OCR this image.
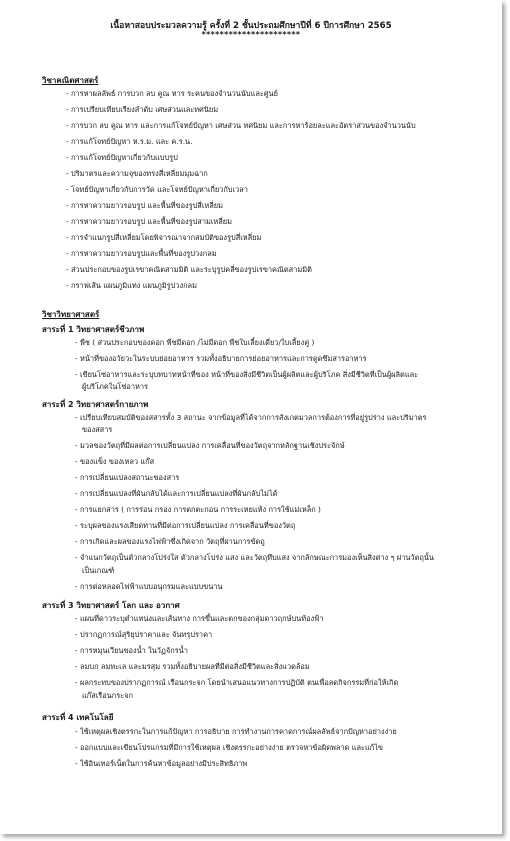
เนื้อหาสอบประมวลความรู้ ครั้งที่ 2 ชั้นประถมศึกษาปีที่ 6 ปีการศึกษา 2565
**********************
วิชาคณิตศาสตร์
- การหาผลลัพธ์ การบวก ลบ คูณ หาร ระคนของจำนวนนับและศูนย์
- การเปรียบเทียบเรียงลำดับ เศษส่วนและทศนิยม
- การบวก ลบ คูณ หาร และการแก้โจทย์ปัญหา เศษส่วน ทศนิยม และการหาร้อยละและอัตราส่วนของจำนวนนับ
- การแก้โจทย์ปัญหา ห.ร.ม. และ ค.ร.น.
- การแก้โจทย์ปัญหาเกี่ยวกับแบบรูป
- ปริมาตรและความจุของทรงสี่เหลี่ยมมุมฉาก
- โจทย์ปัญหาเกี่ยวกับการวัด และโจทย์ปัญหาเกี่ยวกับเวลา
- การหาความยาวรอบรูป และพื้นที่ของรูปสี่เหลี่ยม
- การหาความยาวรอบรูป และพื้นที่ของรูปสามเหลี่ยม
- การจำแนกรูปสี่เหลี่ยมโดยพิจารณาจากสมบัติของรูปสี่เหลี่ยม
- การหาความยาวรอบรูปและพื้นที่ของรูปวงกลม
- ส่วนประกอบของรูปเรขาคณิตสามมิติ และระบุรูปคลี่ของรูปเรขาคณิตสามมิติ
- กราฟเส้น แผนภูมิแท่ง แผนภูมิรูปวงกลม
วิชาวิทยาศาสตร์
สาระที่ 1 วิทยาศาสตร์ชีวภาพ
- พืช ( ส่วนประกอบของดอก พืชมีดอก /ไม่มีดอก พืชใบเลี้ยงเดี่ยว/ใบเลี้ยงคู่ )
- หน้าที่ของอวัยวะในระบบย่อยอาหาร รวมทั้งอธิบายการย่อยอาหารและการดูดซึมสารอาหาร
- เขียนโซ่อาหารและระบุบทบาทหน้าที่ของ หน้าที่ของสิ่งมีชีวิตเป็นผู้ผลิตและผู้บริโภค สิ่งมีชีวิตที่เป็นผู้ผลิตและ
ผู้บริโภคในโซ่อาหาร
สาระที่ 2 วิทยาศาสตร์กายภาพ
- เปรียบเทียบสมบัติของสสารทั้ง 3 สถานะ จากข้อมูลที่ได้จากการสังเกตมวลการต้องการที่อยู่รูปร่าง และปริมาตร
ของสสาร
- มวลของวัตถุที่มีผลต่อการเปลี่ยนแปลง การเคลื่อนที่ของวัตถุจากหลักฐานเชิงประจักษ์
- ของแข็ง ของเหลว แก๊ส
- การเปลี่ยนแปลงสถานะของสาร
- การเปลี่ยนแปลงที่ผันกลับได้และการเปลี่ยนแปลงที่ผันกลับไม่ได้
- การแยกสาร ( การร่อน กรอง การตกตะกอน การระเหยแห้ง การใช้แม่เหล็ก )
- ระบุผลของแรงเสียดทานที่มีต่อการเปลี่ยนแปลง การเคลื่อนที่ของวัตถุ
- การเกิดและผลของแรงไฟฟ้าซึ่งเกิดจาก วัตถุที่ผ่านการขัดถู
- จำแนกวัตถุเป็นตัวกลางโปร่งใส ตัวกลางโปร่ง แสง และวัตถุทึบแสง จากลักษณะการมองเห็นสิ่งต่าง ๆ ผ่านวัตถุนั้น
เป็นเกณฑ์
- การต่อหลอดไฟฟ้าแบบอนุกรมและแบบขนาน
สาระที่ 3 วิทยาศาสตร์ โลก และ อวกาศ
- แผนที่ดาวระบุตำแหน่งและเส้นทาง การขึ้นและตกของกลุ่มดาวฤกษ์บนท้องฟ้า
- ปรากฏการณ์สุริยุปราคาและ จันทรุปราคา
- การหมุนเวียนของน้ำ ในวัฏจักรน้ำ
- ลมบก ลมทะเล และมรสุม รวมทั้งอธิบายผลที่มีต่อสิ่งมีชีวิตและสิ่งแวดล้อม
- ผลกระทบของปรากฏการณ์ เรือนกระจก โดยนำเสนอแนวทางการปฏิบัติ ตนเพื่อลดกิจกรรมที่ก่อให้เกิด
แก๊สเรือนกระจก
สาระที่ 4 เทคโนโลยี
- ใช้เหตุผลเชิงตรรกะในการแก้ปัญหา การอธิบาย การทำงานการคาดการณ์ผลลัพธ์จากปัญหาอย่างง่าย
- ออกแบบและเขียนโปรแกรมที่มีการใช้เหตุผล เชิงตรรกะอย่างง่าย ตรวจหาข้อผิดพลาด และแก้ไข
- ใช้อินเทอร์เน็ตในการค้นหาข้อมูลอย่างมีประสิทธิภาพ
